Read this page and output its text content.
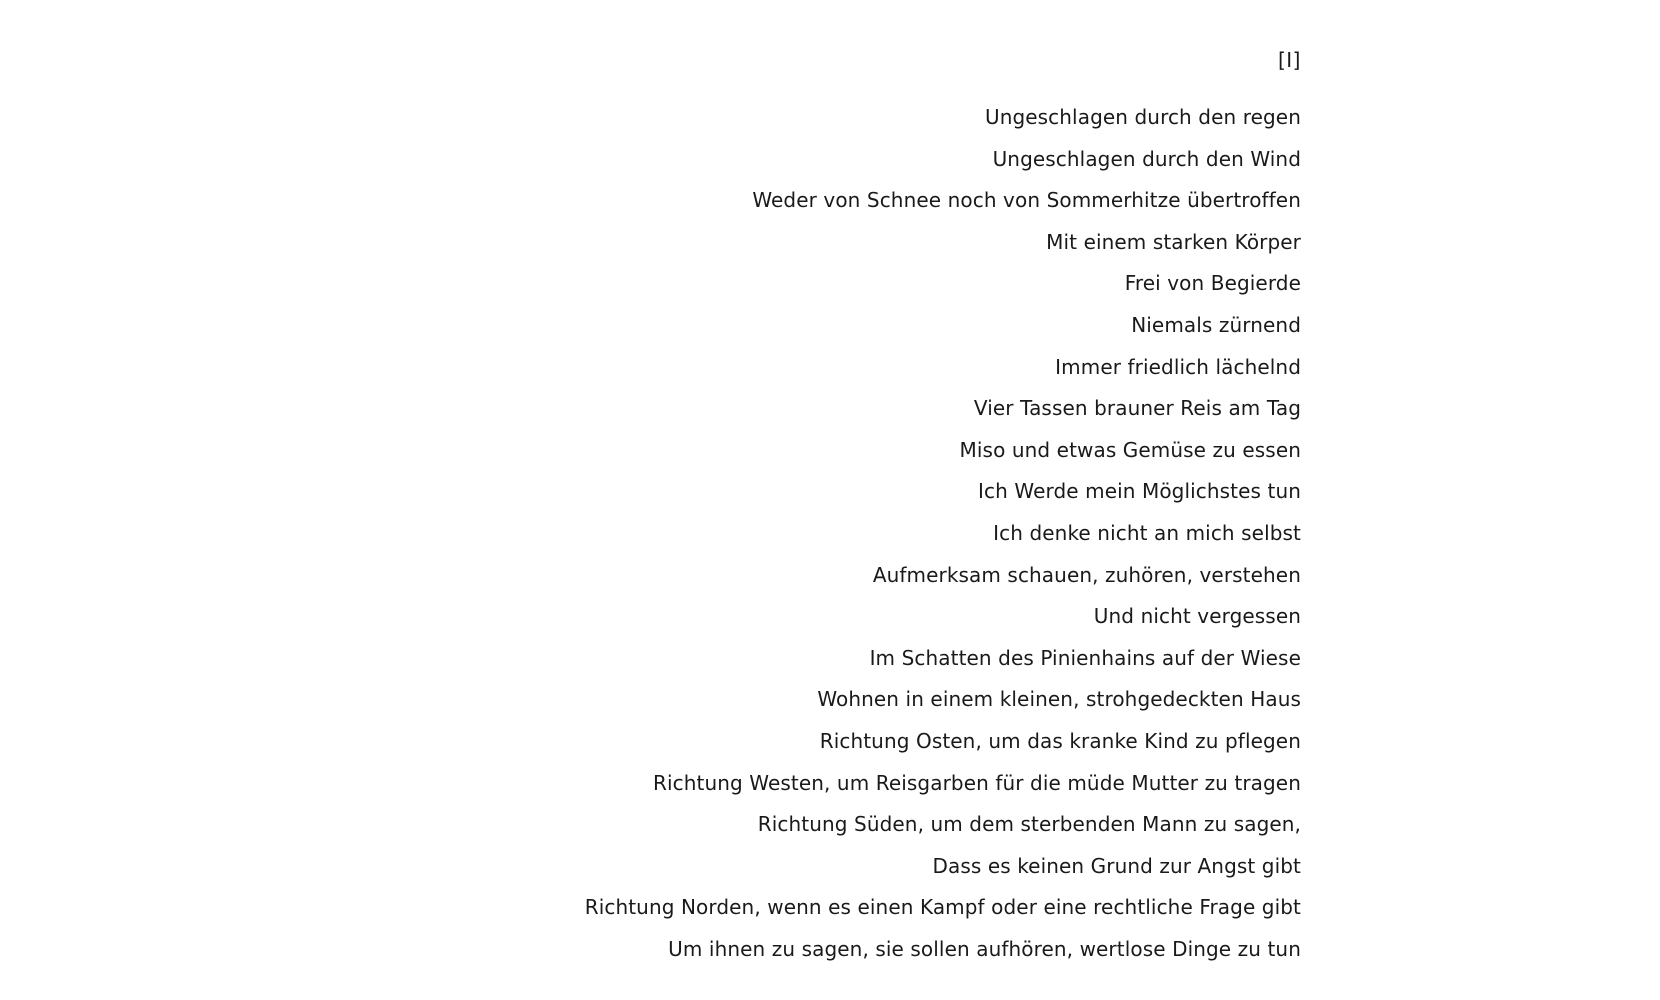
[I]
Ungeschlagen durch den regen
Ungeschlagen durch den Wind
Weder von Schnee noch von Sommerhitze übertroffen
Mit einem starken Körper
Frei von Begierde
Niemals zürnend
Immer friedlich lächelnd
Vier Tassen brauner Reis am Tag
Miso und etwas Gemüse zu essen
Ich Werde mein Möglichstes tun
Ich denke nicht an mich selbst
Aufmerksam schauen, zuhören, verstehen
Und nicht vergessen
Im Schatten des Pinienhains auf der Wiese
Wohnen in einem kleinen, strohgedeckten Haus
Richtung Osten, um das kranke Kind zu pflegen
Richtung Westen, um Reisgarben für die müde Mutter zu tragen
Richtung Süden, um dem sterbenden Mann zu sagen,
Dass es keinen Grund zur Angst gibt
Richtung Norden, wenn es einen Kampf oder eine rechtliche Frage gibt
Um ihnen zu sagen, sie sollen aufhören, wertlose Dinge zu tun
